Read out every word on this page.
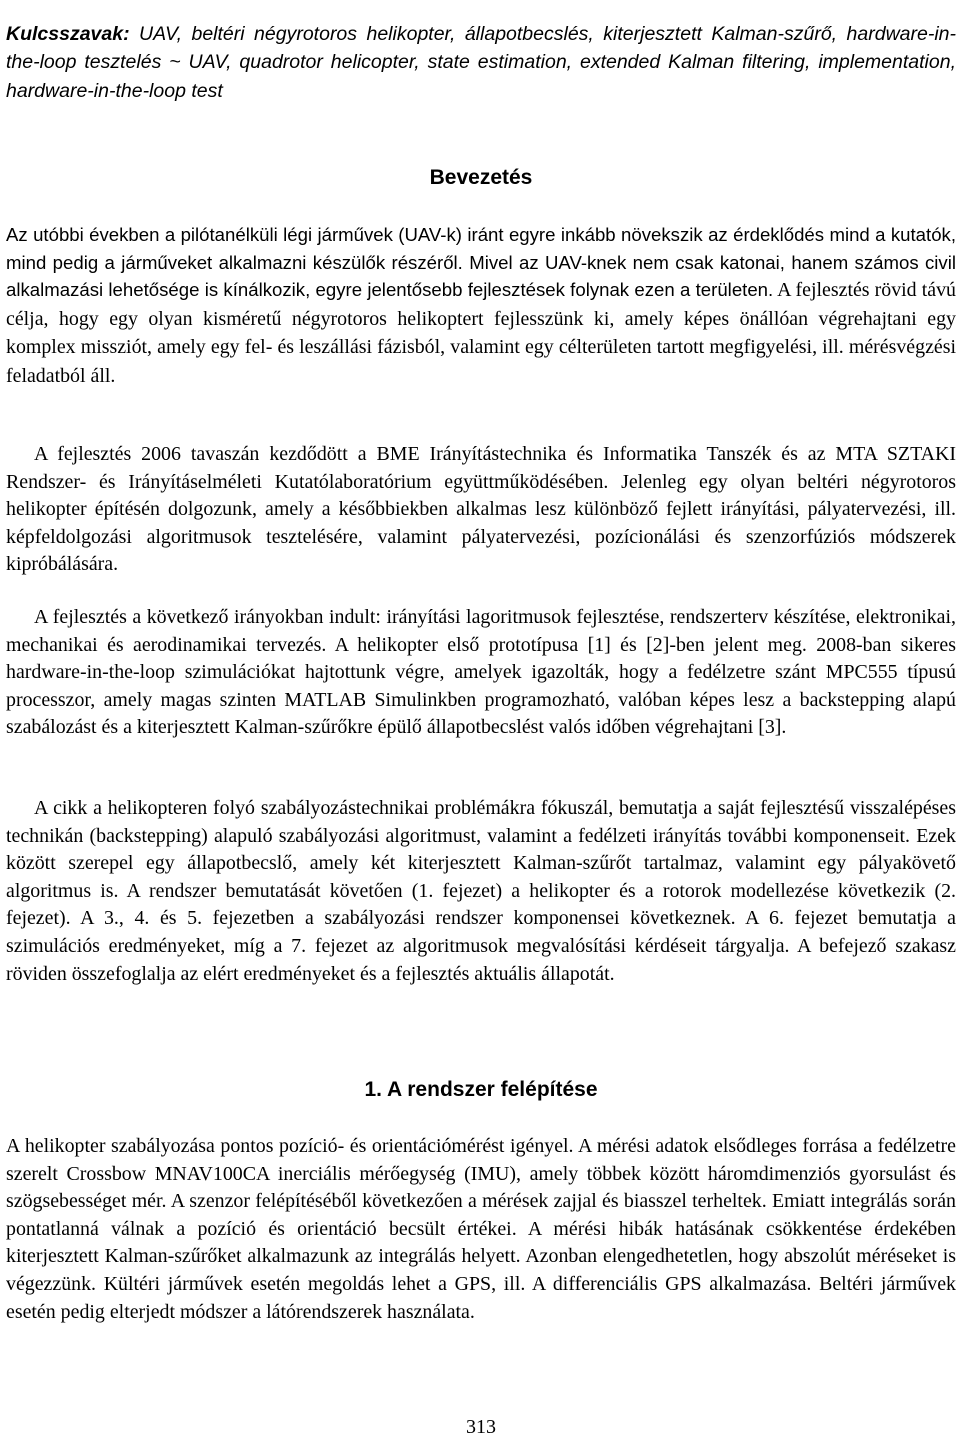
Kulcsszavak: UAV, beltéri négyrotoros helikopter, állapotbecslés, kiterjesztett Kalman-szűrő, hardware-in-the-loop tesztelés ~ UAV, quadrotor helicopter, state estimation, extended Kalman filtering, implementation, hardware-in-the-loop test

Bevezetés

Az utóbbi években a pilótanélküli légi járművek (UAV-k) iránt egyre inkább növekszik az érdeklődés mind a kutatók, mind pedig a járműveket alkalmazni készülők részéről. Mivel az UAV-knek nem csak katonai, hanem számos civil alkalmazási lehetősége is kínálkozik, egyre jelentősebb fejlesztések folynak ezen a területen. A fejlesztés rövid távú célja, hogy egy olyan kisméretű négyrotoros helikoptert fejlesszünk ki, amely képes önállóan végrehajtani egy komplex missziót, amely egy fel- és leszállási fázisból, valamint egy célterületen tartott megfigyelési, ill. mérésvégzési feladatból áll.

A fejlesztés 2006 tavaszán kezdődött a BME Irányítástechnika és Informatika Tanszék és az MTA SZTAKI Rendszer- és Irányításelméleti Kutatólaboratórium együttműködésében. Jelenleg egy olyan beltéri négyrotoros helikopter építésén dolgozunk, amely a későbbiekben alkalmas lesz különböző fejlett irányítási, pályatervezési, ill. képfeldolgozási algoritmusok tesztelésére, valamint pályatervezési, pozícionálási és szenzorfúziós módszerek kipróbálására.

A fejlesztés a következő irányokban indult: irányítási lagoritmusok fejlesztése, rendszerterv készítése, elektronikai, mechanikai és aerodinamikai tervezés. A helikopter első prototípusa [1] és [2]-ben jelent meg. 2008-ban sikeres hardware-in-the-loop szimulációkat hajtottunk végre, amelyek igazolták, hogy a fedélzetre szánt MPC555 típusú processzor, amely magas szinten MATLAB Simulinkben programozható, valóban képes lesz a backstepping alapú szabálozást és a kiterjesztett Kalman-szűrőkre épülő állapotbecslést valós időben végrehajtani [3].

A cikk a helikopteren folyó szabályozástechnikai problémákra fókuszál, bemutatja a saját fejlesztésű visszalépéses technikán (backstepping) alapuló szabályozási algoritmust, valamint a fedélzeti irányítás további komponenseit. Ezek között szerepel egy állapotbecslő, amely két kiterjesztett Kalman-szűrőt tartalmaz, valamint egy pályakövető algoritmus is. A rendszer bemutatását követően (1. fejezet) a helikopter és a rotorok modellezése következik (2. fejezet). A 3., 4. és 5. fejezetben a szabályozási rendszer komponensei következnek. A 6. fejezet bemutatja a szimulációs eredményeket, míg a 7. fejezet az algoritmusok megvalósítási kérdéseit tárgyalja. A befejező szakasz röviden összefoglalja az elért eredményeket és a fejlesztés aktuális állapotát.

1. A rendszer felépítése

A helikopter szabályozása pontos pozíció- és orientációmérést igényel. A mérési adatok elsődleges forrása a fedélzetre szerelt Crossbow MNAV100CA inerciális mérőegység (IMU), amely többek között háromdimenziós gyorsulást és szögsebességet mér. A szenzor felépítéséből következően a mérések zajjal és biasszel terheltek. Emiatt integrálás során pontatlanná válnak a pozíció és orientáció becsült értékei. A mérési hibák hatásának csökkentése érdekében kiterjesztett Kalman-szűrőket alkalmazunk az integrálás helyett. Azonban elengedhetetlen, hogy abszolút méréseket is végezzünk. Kültéri járművek esetén megoldás lehet a GPS, ill. A differenciális GPS alkalmazása. Beltéri járművek esetén pedig elterjedt módszer a látórendszerek használata.

313
